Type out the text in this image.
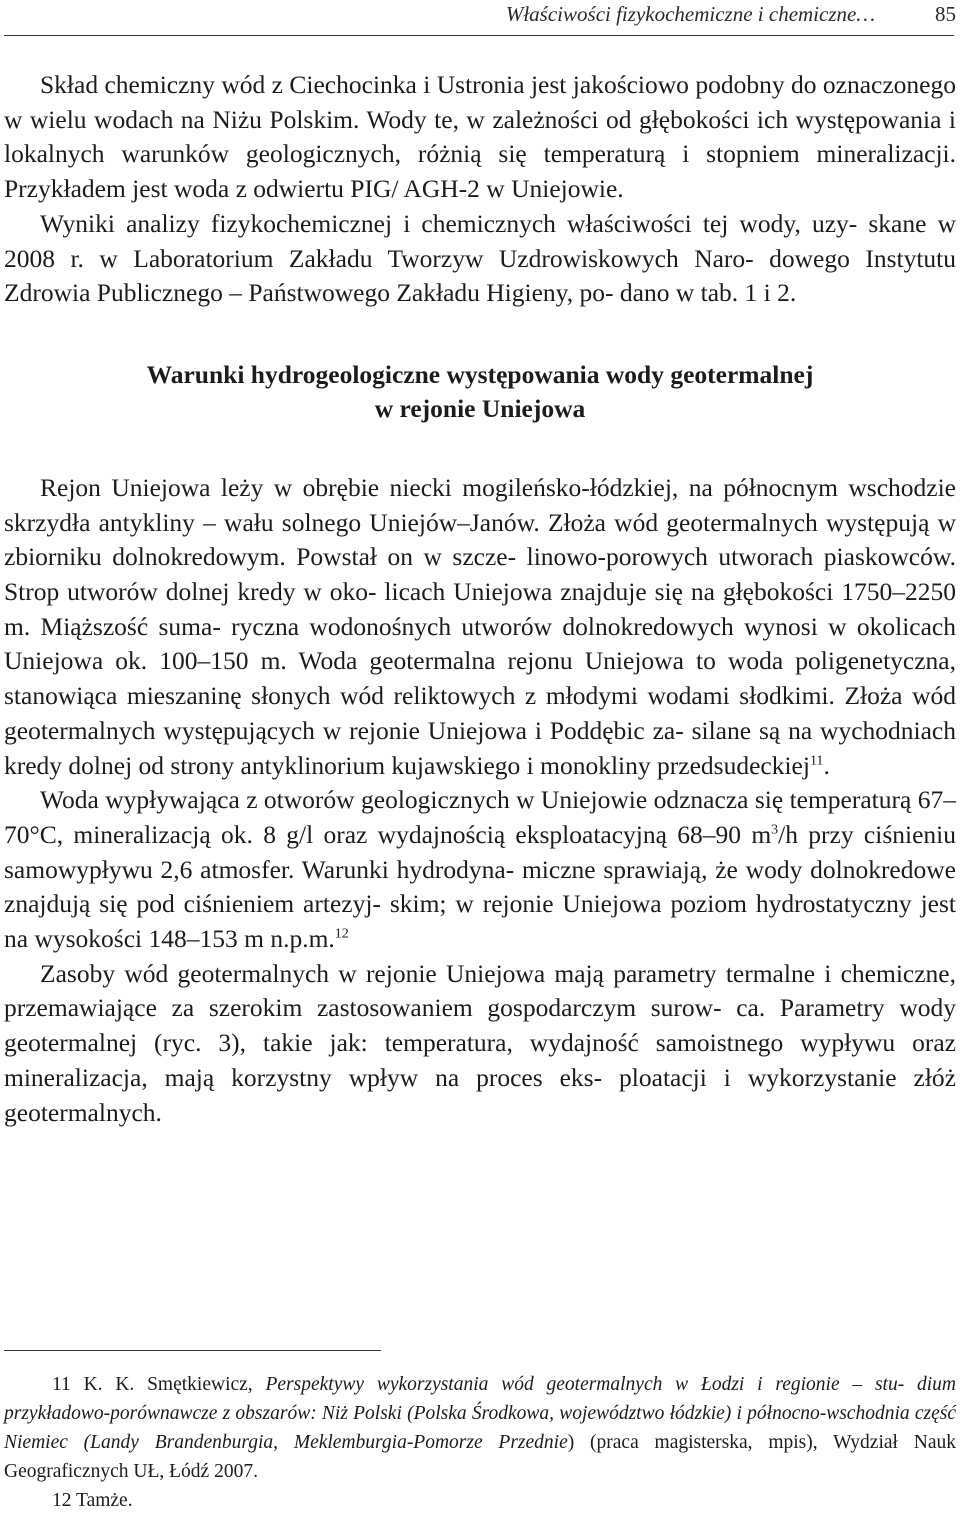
Właściwości fizykochemiczne i chemiczne…	85

Skład chemiczny wód z Ciechocinka i Ustronia jest jakościowo podobny do oznaczonego w wielu wodach na Niżu Polskim. Wody te, w zależności od głębokości ich występowania i lokalnych warunków geologicznych, różnią się temperaturą i stopniem mineralizacji. Przykładem jest woda z odwiertu PIG/ AGH-2 w Uniejowie.

Wyniki analizy fizykochemicznej i chemicznych właściwości tej wody, uzy- skane w 2008 r. w Laboratorium Zakładu Tworzyw Uzdrowiskowych Naro- dowego Instytutu Zdrowia Publicznego – Państwowego Zakładu Higieny, po- dano w tab. 1 i 2.

Warunki hydrogeologiczne występowania wody geotermalnej
w rejonie Uniejowa

Rejon Uniejowa leży w obrębie niecki mogileńsko-łódzkiej, na północnym wschodzie skrzydła antykliny – wału solnego Uniejów–Janów. Złoża wód geotermalnych występują w zbiorniku dolnokredowym. Powstał on w szcze- linowo-porowych utworach piaskowców. Strop utworów dolnej kredy w oko- licach Uniejowa znajduje się na głębokości 1750–2250 m. Miąższość suma- ryczna wodonośnych utworów dolnokredowych wynosi w okolicach Uniejowa ok. 100–150 m. Woda geotermalna rejonu Uniejowa to woda poligenetyczna, stanowiąca mieszaninę słonych wód reliktowych z młodymi wodami słodkimi. Złoża wód geotermalnych występujących w rejonie Uniejowa i Poddębic za- silane są na wychodniach kredy dolnej od strony antyklinorium kujawskiego i monokliny przedsudeckiej$^{11}$.

Woda wypływająca z otworów geologicznych w Uniejowie odznacza się temperaturą 67–70°C, mineralizacją ok. 8 g/l oraz wydajnością eksploatacyjną 68–90 m$^3$/h przy ciśnieniu samowypływu 2,6 atmosfer. Warunki hydrodyna- miczne sprawiają, że wody dolnokredowe znajdują się pod ciśnieniem artezyj- skim; w rejonie Uniejowa poziom hydrostatyczny jest na wysokości 148–153 m n.p.m.$^{12}$

Zasoby wód geotermalnych w rejonie Uniejowa mają parametry termalne i chemiczne, przemawiające za szerokim zastosowaniem gospodarczym surow- ca. Parametry wody geotermalnej (ryc. 3), takie jak: temperatura, wydajność samoistnego wypływu oraz mineralizacja, mają korzystny wpływ na proces eks- ploatacji i wykorzystanie złóż geotermalnych.

11 K. K. Smętkiewicz, Perspektywy wykorzystania wód geotermalnych w Łodzi i regionie – stu- dium przykładowo-porównawcze z obszarów: Niż Polski (Polska Środkowa, województwo łódzkie) i północno-wschodnia część Niemiec (Landy Brandenburgia, Meklemburgia-Pomorze Przednie) (praca magisterska, mpis), Wydział Nauk Geograficznych UŁ, Łódź 2007.

12 Tamże.
